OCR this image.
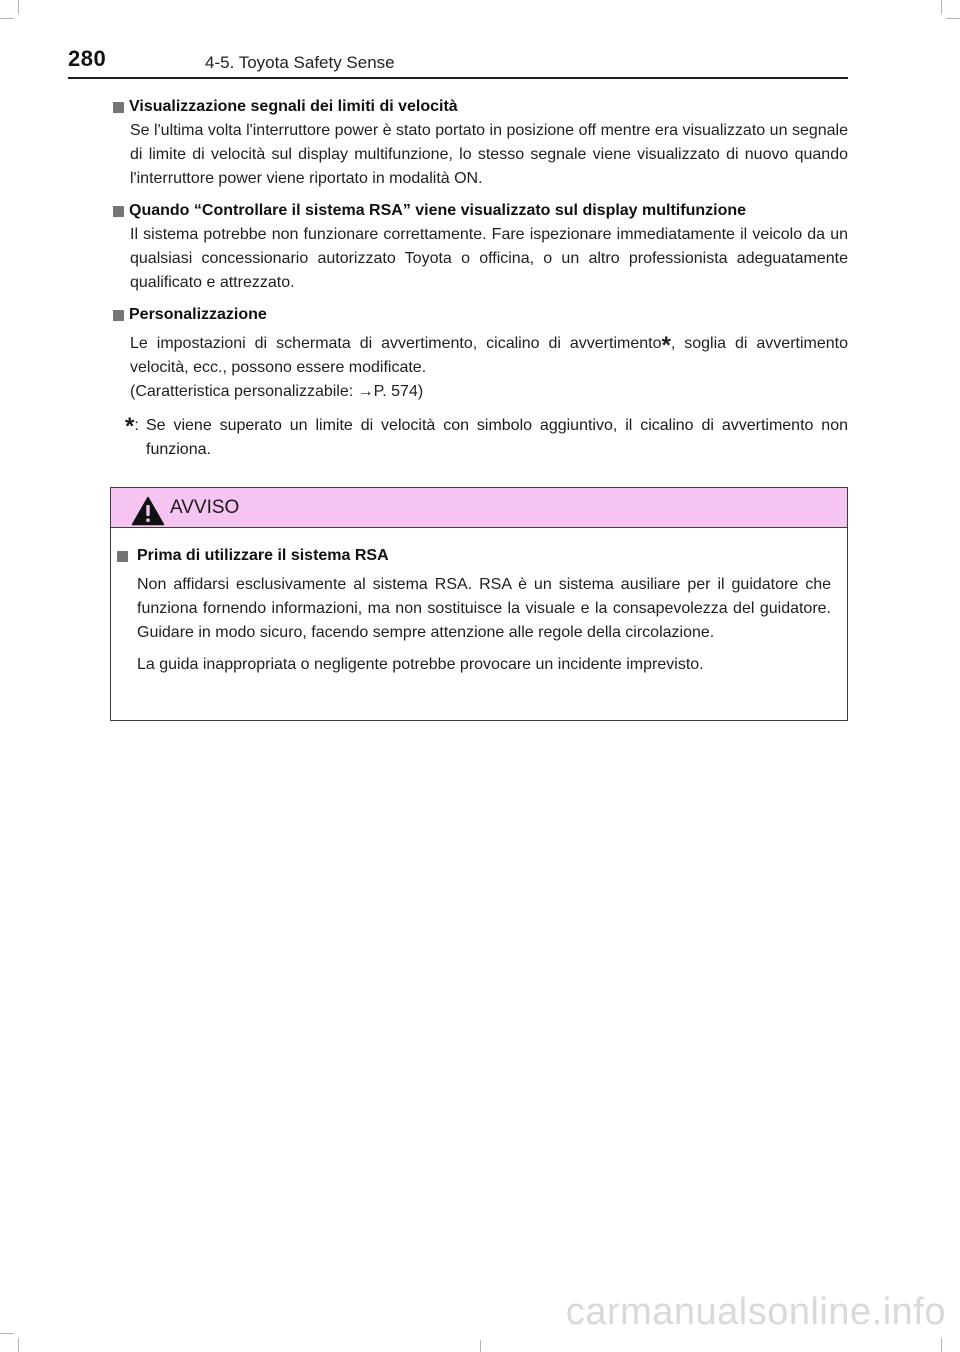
280	4-5. Toyota Safety Sense
Visualizzazione segnali dei limiti di velocità

Se l'ultima volta l'interruttore power è stato portato in posizione off mentre era visualizzato un segnale di limite di velocità sul display multifunzione, lo stesso segnale viene visualizzato di nuovo quando l'interruttore power viene riportato in modalità ON.

Quando “Controllare il sistema RSA” viene visualizzato sul display multifunzione

Il sistema potrebbe non funzionare correttamente. Fare ispezionare immediatamente il veicolo da un qualsiasi concessionario autorizzato Toyota o officina, o un altro professionista adeguatamente qualificato e attrezzato.

Personalizzazione

Le impostazioni di schermata di avvertimento, cicalino di avvertimento*, soglia di avvertimento velocità, ecc., possono essere modificate.
(Caratteristica personalizzabile: →P. 574)

*: Se viene superato un limite di velocità con simbolo aggiuntivo, il cicalino di avvertimento non funziona.
AVVISO
Prima di utilizzare il sistema RSA

Non affidarsi esclusivamente al sistema RSA. RSA è un sistema ausiliare per il guidatore che funziona fornendo informazioni, ma non sostituisce la visuale e la consapevolezza del guidatore. Guidare in modo sicuro, facendo sempre attenzione alle regole della circolazione.

La guida inappropriata o negligente potrebbe provocare un incidente imprevisto.

carmanualsonline.info
